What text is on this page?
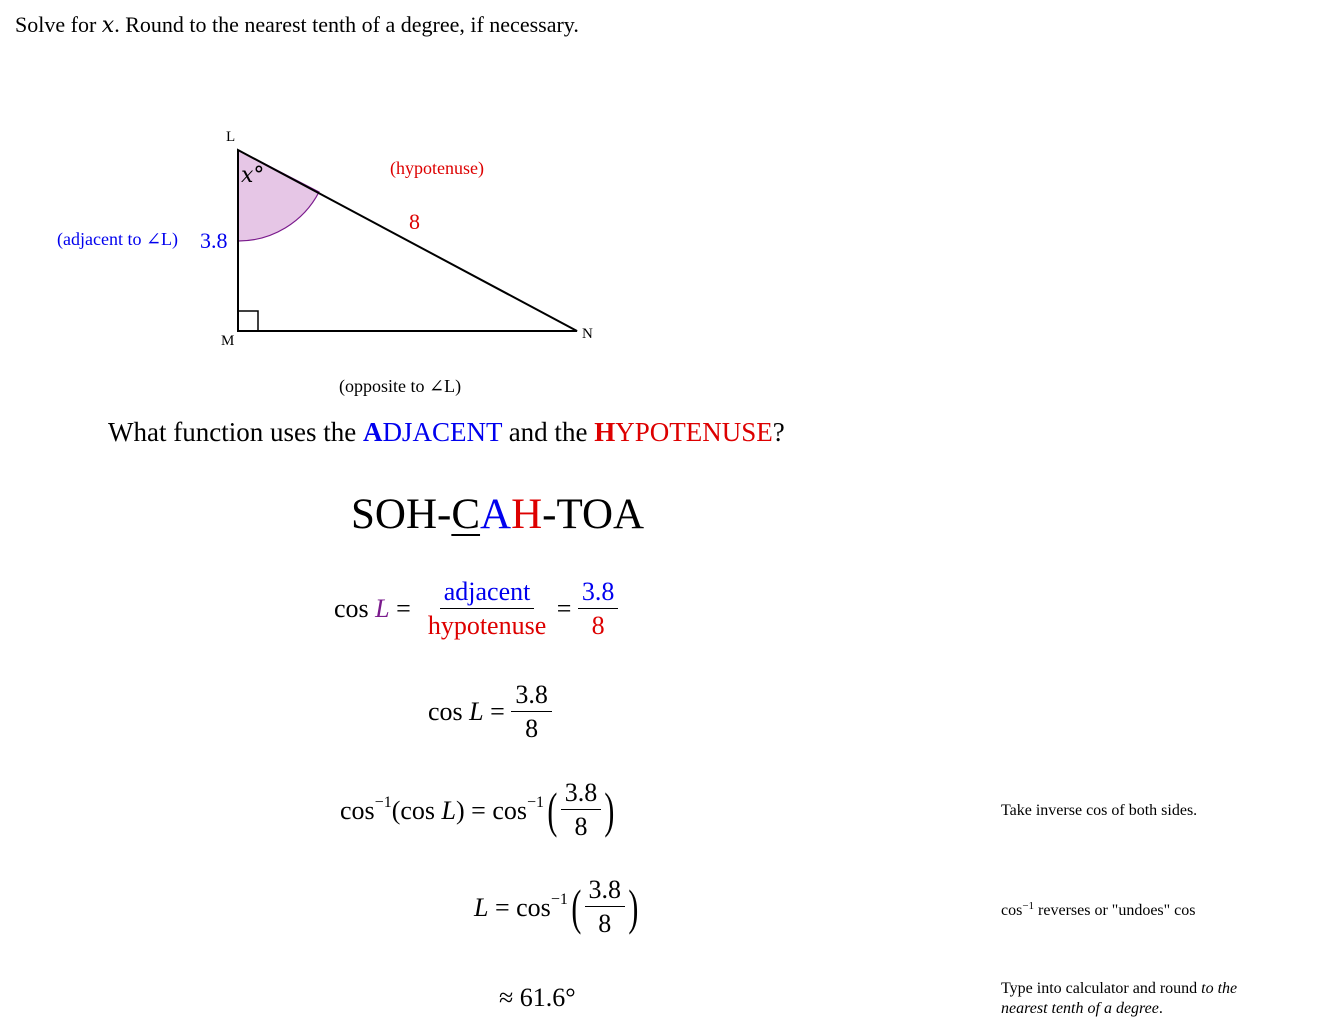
Solve for x. Round to the nearest tenth of a degree, if necessary.
L
M	N
x°	(hypotenuse)
8
(adjacent to ∠L) 3.8
(opposite to ∠L)
What function uses the ADJACENT and the HYPOTENUSE?
SOH-CAH-TOA
$\cos L = \frac{\text{adjacent}}{\text{hypotenuse}} = \frac{3.8}{8}$
$\cos L = \frac{3.8}{8}$
$\cos^{-1}(\cos$ $L) = \cos^{-1}( \frac{3.8}{8}$ )
$L = \cos^{-1}( \frac{3.8}{8}$ )
≈ 61.6°
Take inverse cos of both sides.
$\cos^{-1}$ reverses or "undoes" cos
Type into calculator and round to the
nearest tenth of a degree.
